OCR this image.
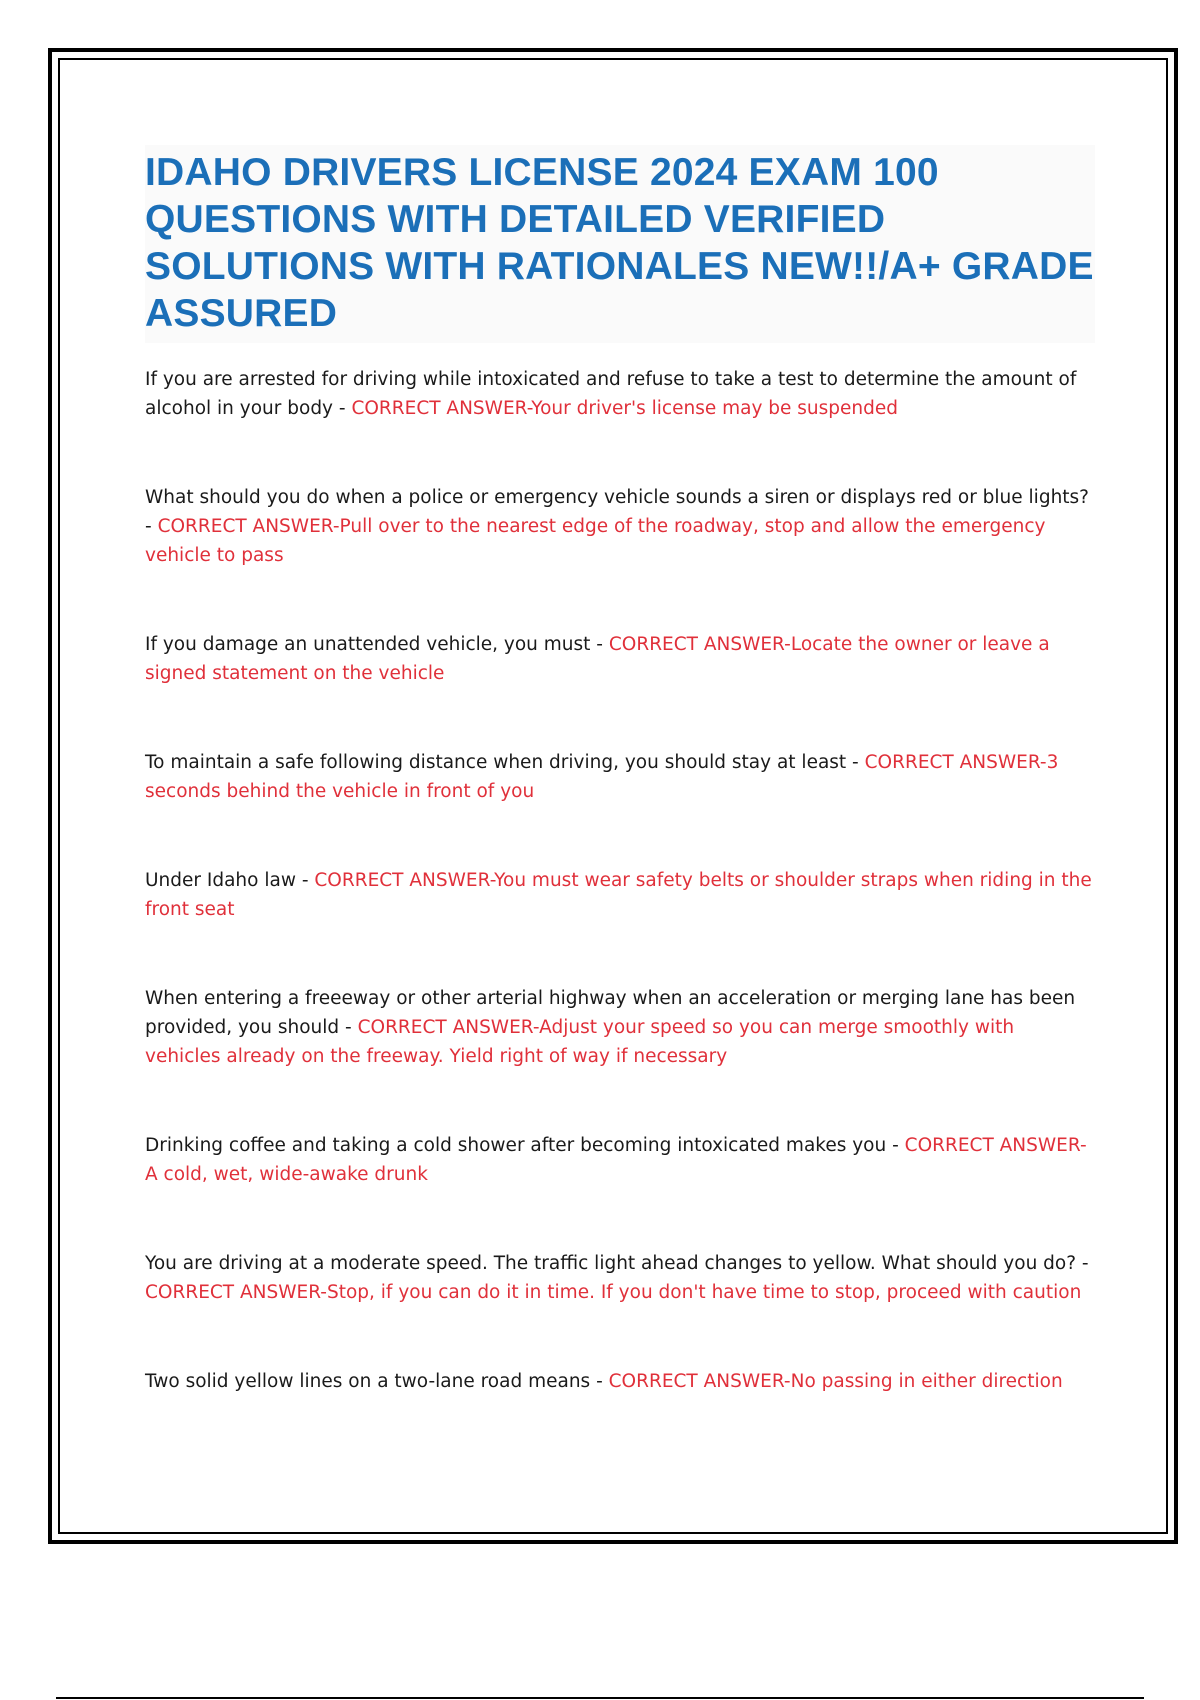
IDAHO DRIVERS LICENSE 2024 EXAM 100 QUESTIONS WITH DETAILED VERIFIED SOLUTIONS WITH RATIONALES NEW!!/A+ GRADE ASSURED
If you are arrested for driving while intoxicated and refuse to take a test to determine the amount of alcohol in your body - CORRECT ANSWER-Your driver's license may be suspended
What should you do when a police or emergency vehicle sounds a siren or displays red or blue lights? - CORRECT ANSWER-Pull over to the nearest edge of the roadway, stop and allow the emergency vehicle to pass
If you damage an unattended vehicle, you must - CORRECT ANSWER-Locate the owner or leave a signed statement on the vehicle
To maintain a safe following distance when driving, you should stay at least - CORRECT ANSWER-3 seconds behind the vehicle in front of you
Under Idaho law - CORRECT ANSWER-You must wear safety belts or shoulder straps when riding in the front seat
When entering a freeeway or other arterial highway when an acceleration or merging lane has been provided, you should - CORRECT ANSWER-Adjust your speed so you can merge smoothly with vehicles already on the freeway. Yield right of way if necessary
Drinking coffee and taking a cold shower after becoming intoxicated makes you - CORRECT ANSWER-A cold, wet, wide-awake drunk
You are driving at a moderate speed. The traffic light ahead changes to yellow. What should you do? - CORRECT ANSWER-Stop, if you can do it in time. If you don't have time to stop, proceed with caution
Two solid yellow lines on a two-lane road means - CORRECT ANSWER-No passing in either direction
